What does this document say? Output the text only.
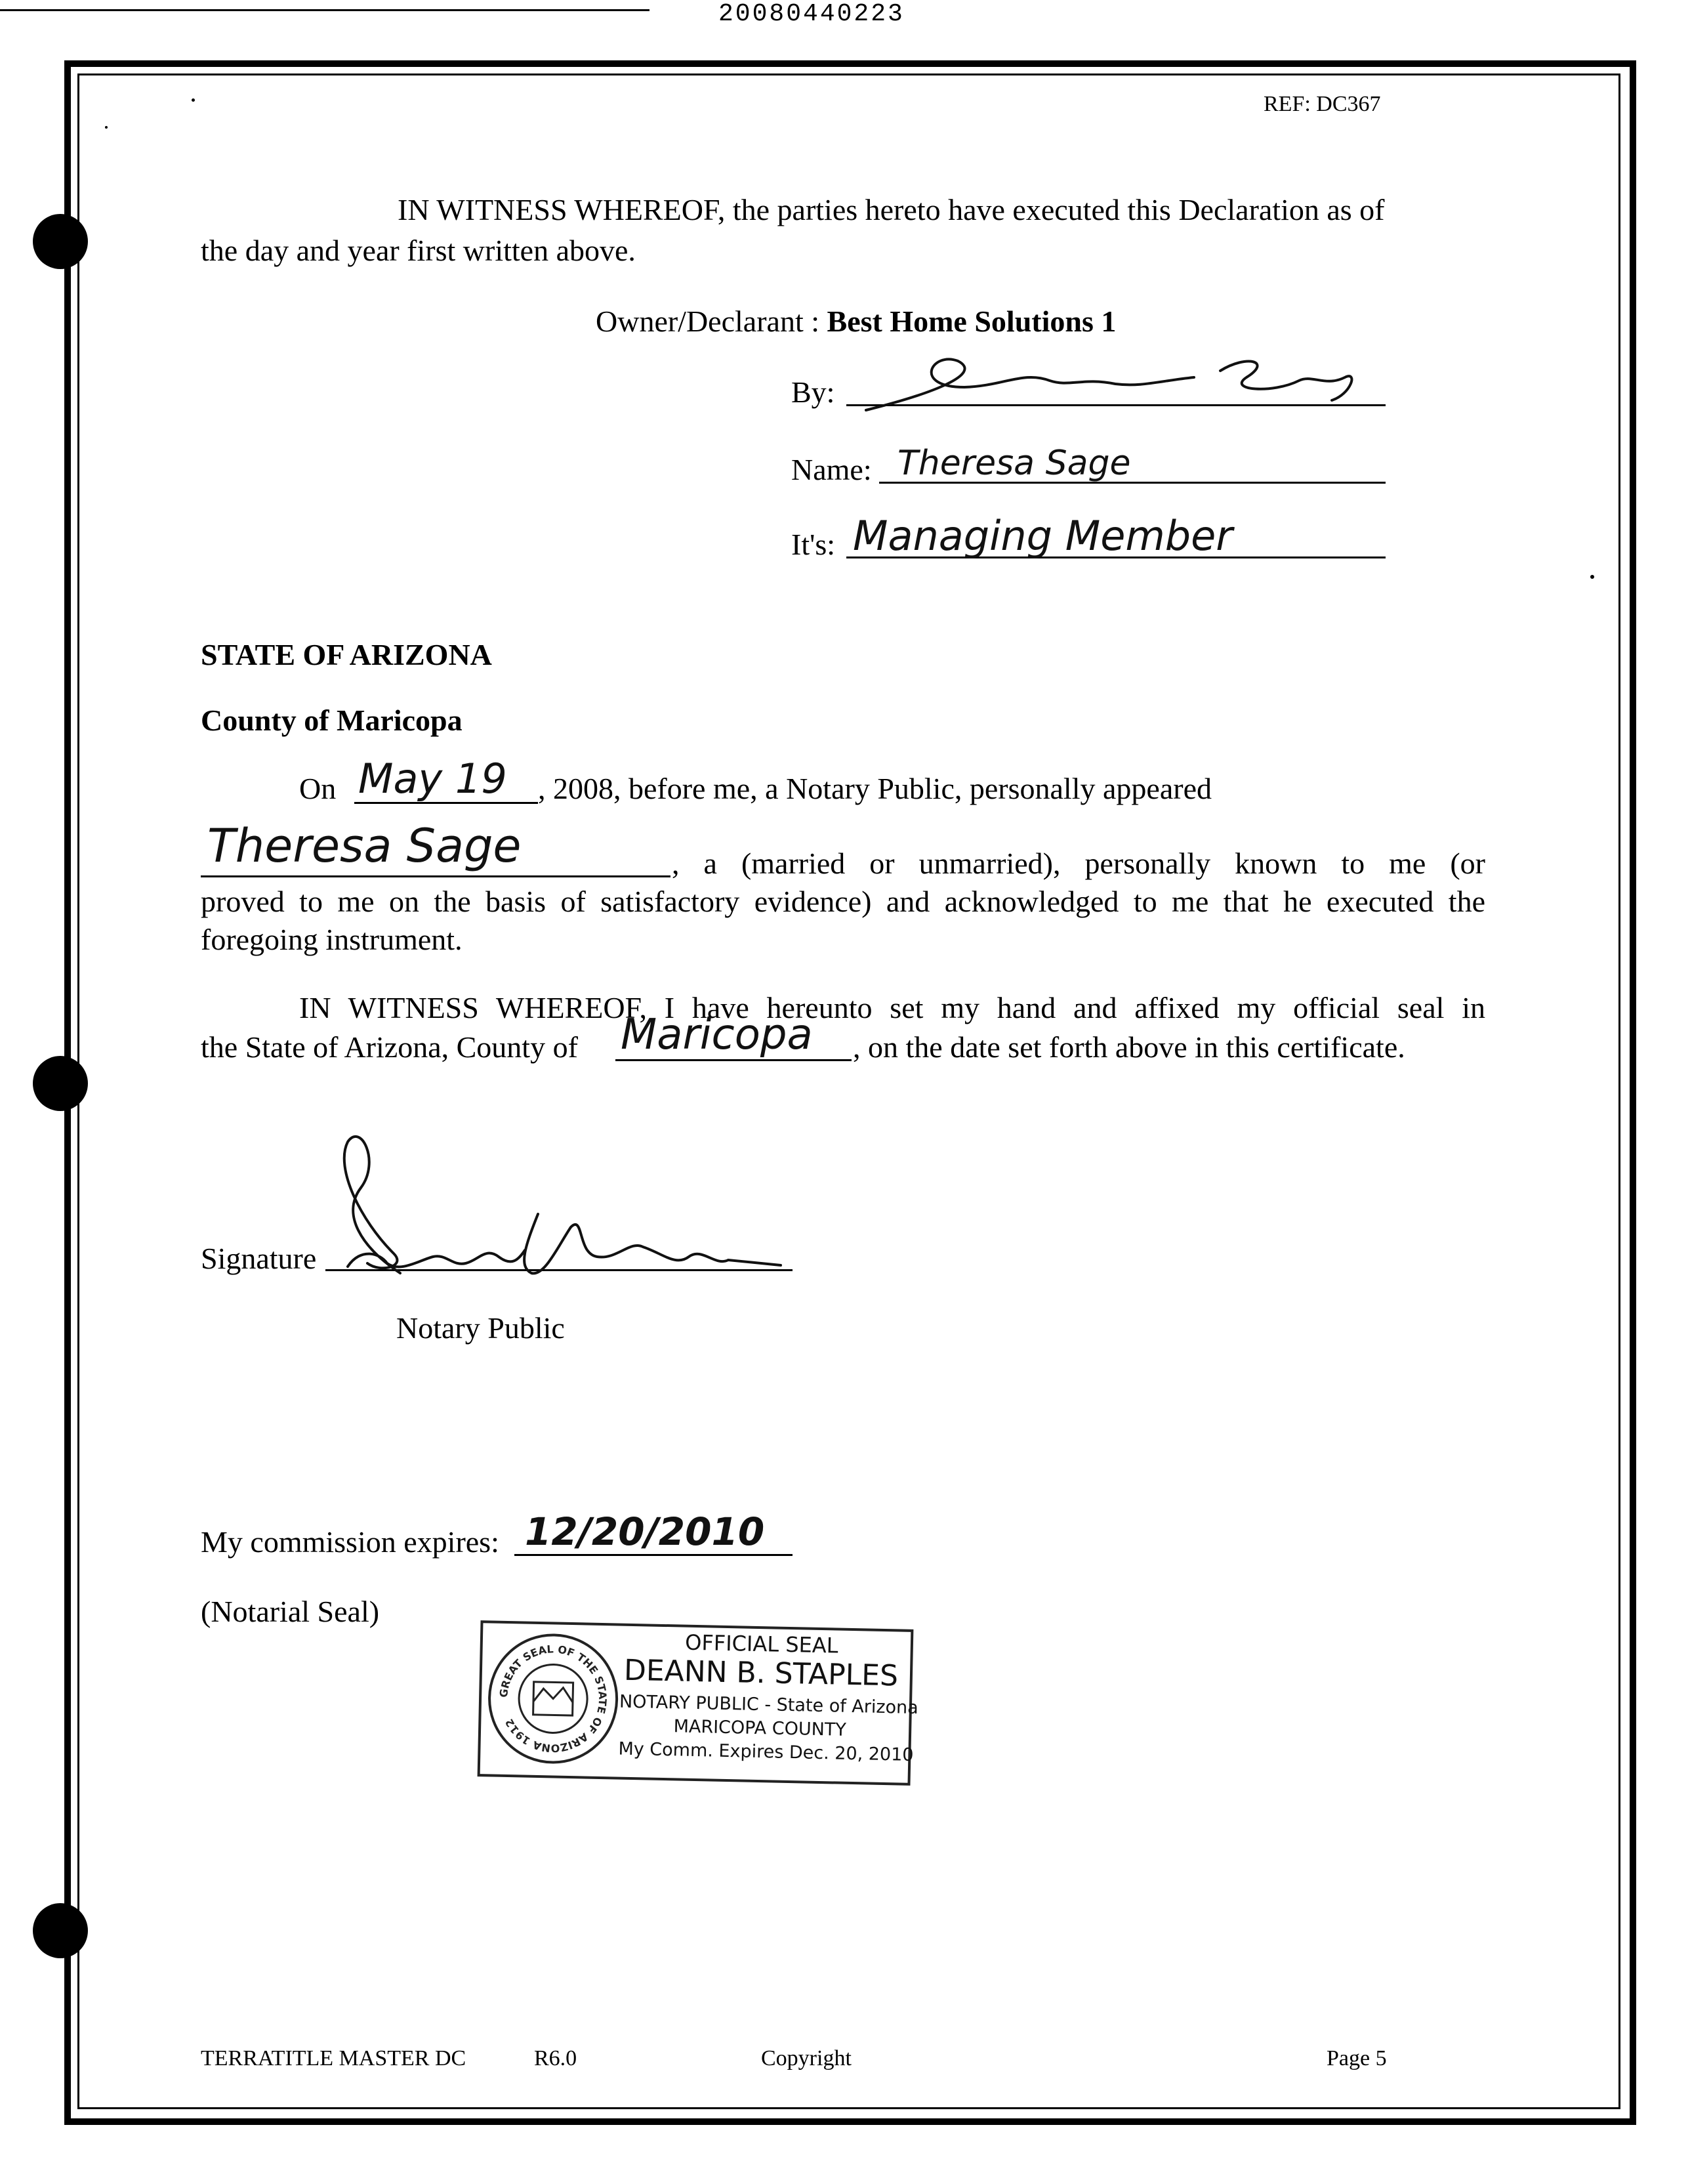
20080440223
REF: DC367
IN WITNESS WHEREOF, the parties hereto have executed this Declaration as of
the day and year first written above.
Owner/Declarant : Best Home Solutions 1
By:
Name: Theresa Sage
It's: Managing Member
STATE OF ARIZONA
County of Maricopa
On May 19 , 2008, before me, a Notary Public, personally appeared
Theresa Sage	, a (married or unmarried), personally known to me (or
proved to me on the basis of satisfactory evidence) and acknowledged to me that he executed the
foregoing instrument.
IN WITNESS WHEREOF, I have hereunto set my hand and affixed my official seal in
the State of Arizona, County of Maricopa , on the date set forth above in this certificate.
Signature
Notary Public
My commission expires: 12/20/2010
(Notarial Seal)
GREAT SEAL OF THE STATE OF ARIZONA 1912
OFFICIAL SEAL
DEANN B. STAPLES
NOTARY PUBLIC - State of Arizona
MARICOPA COUNTY
My Comm. Expires Dec. 20, 2010
TERRATITLE MASTER DC	R6.0	Copyright	Page 5
